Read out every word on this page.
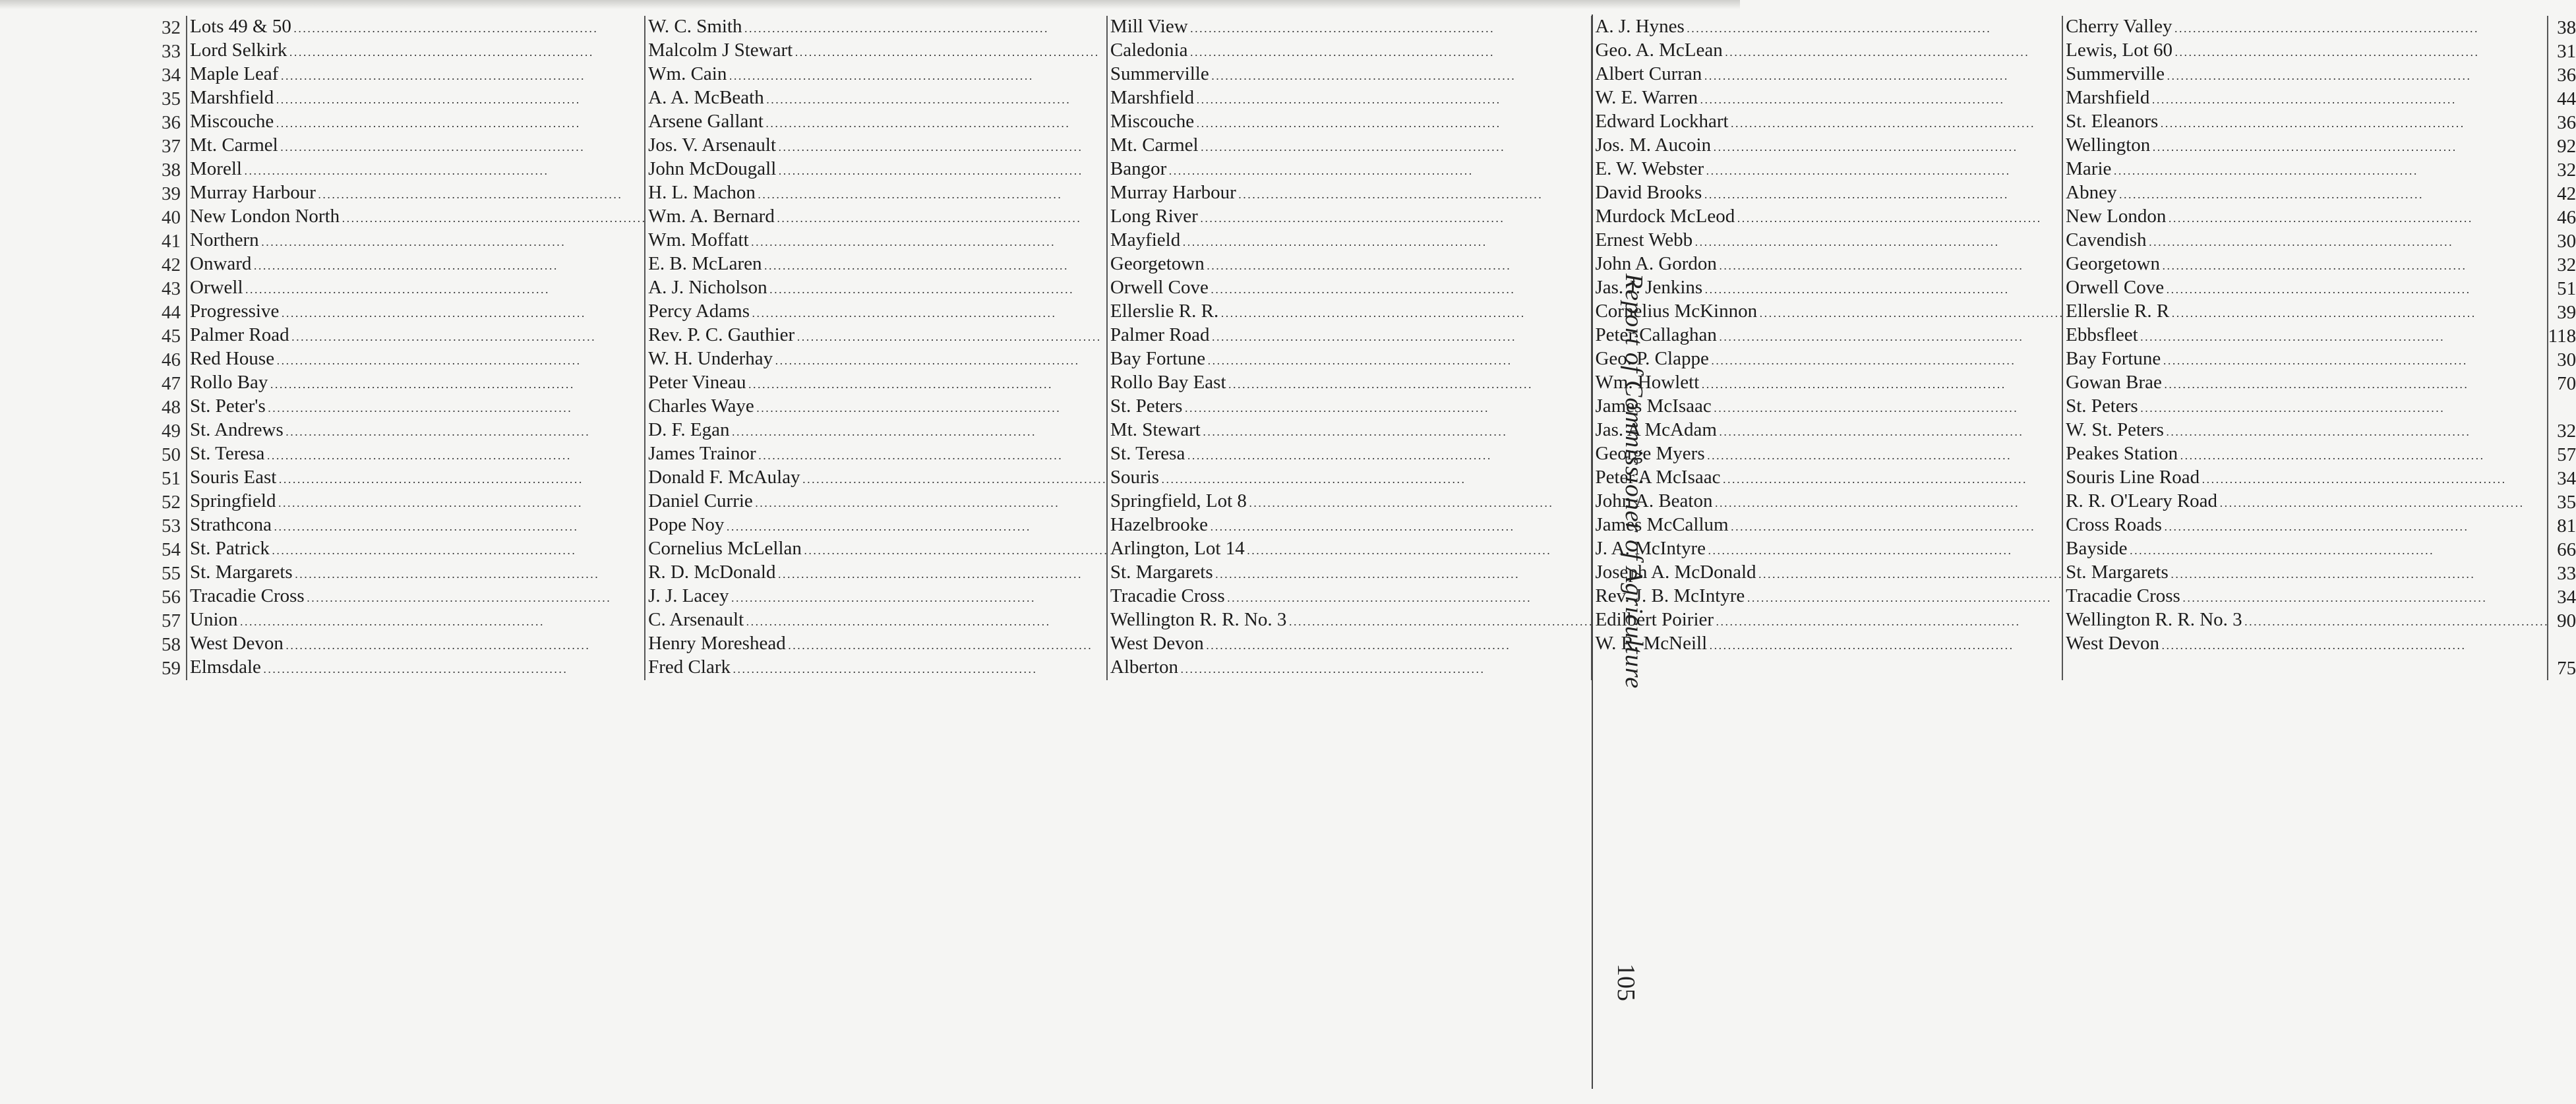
32	Lots 49 & 50 . . .	W. C. Smith . . .	Mill View . . .	A. J. Hynes . . .	Cherry Valley . . .	38
33	Lord Selkirk . . .	Malcolm J Stewart . . .	Caledonia . . .	Geo. A. McLean . . .	Lewis, Lot 60 . . .	31
34	Maple Leaf . . .	Wm. Cain . . .	Summerville . . .	Albert Curran . . .	Summerville . . .	36
35	Marshfield . . .	A. A. McBeath . . .	Marshfield . . .	W. E. Warren . . .	Marshfield . . .	44
36	Miscouche . . .	Arsene Gallant . . .	Miscouche . . .	Edward Lockhart . . .	St. Eleanors . . .	36
37	Mt. Carmel . . .	Jos. V. Arsenault . . .	Mt. Carmel . . .	Jos. M. Aucoin . . .	Wellington . . .	92
38	Morell . . .	John McDougall . . .	Bangor . . .	E. W. Webster . . .	Marie . . .	32
39	Murray Harbour . . .	H. L. Machon . . .	Murray Harbour . . .	David Brooks . . .	Abney . . .	42
40	New London North . . .	Wm. A. Bernard . . .	Long River . . .	Murdock McLeod . . .	New London . . .	46
41	Northern . . .	Wm. Moffatt . . .	Mayfield . . .	Ernest Webb . . .	Cavendish . . .	30
42	Onward . . .	E. B. McLaren . . .	Georgetown . . .	John A. Gordon . . .	Georgetown . . .	32
43	Orwell . . .	A. J. Nicholson . . .	Orwell Cove . . .	Jas. J. Jenkins . . .	Orwell Cove . . .	51
44	Progressive . . .	Percy Adams . . .	Ellerslie R. R. . . .	Cornelius McKinnon . . .	Ellerslie R. R . . .	39
45	Palmer Road . . .	Rev. P. C. Gauthier . . .	Palmer Road . . .	Peter Callaghan . . .	Ebbsfleet . . .	118
46	Red House . . .	W. H. Underhay . . .	Bay Fortune . . .	Geo. P. Clappe . . .	Bay Fortune . . .	30
47	Rollo Bay . . .	Peter Vineau . . .	Rollo Bay East . . .	Wm. Howlett . . .	Gowan Brae . . .	70
48	St. Peter's . . .	Charles Waye . . .	St. Peters . . .	James McIsaac . . .	St. Peters . . .	
49	St. Andrews . . .	D. F. Egan . . .	Mt. Stewart . . .	Jas. A McAdam . . .	W. St. Peters . . .	32
50	St. Teresa . . .	James Trainor . . .	St. Teresa . . .	George Myers . . .	Peakes Station . . .	57
51	Souris East . . .	Donald F. McAulay . . .	Souris . . .	Peter A McIsaac . . .	Souris Line Road . . .	34
52	Springfield . . .	Daniel Currie . . .	Springfield, Lot 8 . . .	John A. Beaton . . .	R. R. O'Leary Road . . .	35
53	Strathcona . . .	Pope Noy . . .	Hazelbrooke . . .	James McCallum . . .	Cross Roads . . .	81
54	St. Patrick . . .	Cornelius McLellan . . .	Arlington, Lot 14 . . .	J. A. McIntyre . . .	Bayside . . .	66
55	St. Margarets . . .	R. D. McDonald . . .	St. Margarets . . .	Joseph A. McDonald . . .	St. Margarets . . .	33
56	Tracadie Cross . . .	J. J. Lacey . . .	Tracadie Cross . . .	Rev. J. B. McIntyre . . .	Tracadie Cross . . .	34
57	Union . . .	C. Arsenault . . .	Wellington R. R. No. 3 . . .	Edilbert Poirier . . .	Wellington R. R. No. 3 . . .	90
58	West Devon . . .	Henry Moreshead . . .	West Devon . . .	W. R. McNeill . . .	West Devon . . .	
59	Elmsdale . . .	Fred Clark . . .	Alberton . . .			75
Report of Commissioner of Agriculture
105
